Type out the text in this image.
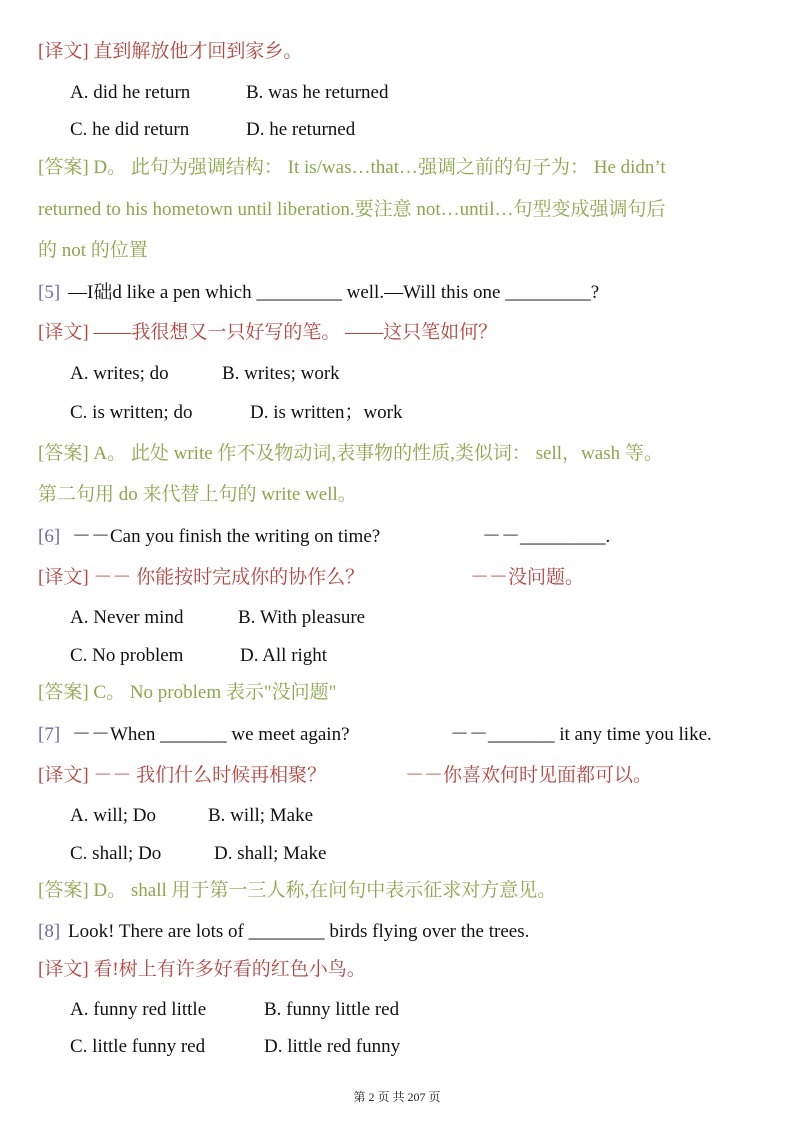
[译文] 直到解放他才回到家乡。
A. did he return	B. was he returned
C. he did return	D. he returned
[答案] D。 此句为强调结构： It is/was…that…强调之前的句子为： He didn’t
returned to his hometown until liberation.要注意 not…until…句型变成强调句后
的 not 的位置
[5] —I础d like a pen which _________ well.—Will this one _________?
[译文] ——我很想又一只好写的笔。 ——这只笔如何？
A. writes; do	B. writes; work
C. is written; do	D. is written；work
[答案] A。 此处 write 作不及物动词,表事物的性质,类似词： sell，wash 等。
第二句用 do 来代替上句的 write well。
[6] －－Can you finish the writing on time?	－－_________.
[译文] －－ 你能按时完成你的协作么？	－－没问题。
A. Never mind	B. With pleasure
C. No problem	D. All right
[答案] C。 No problem 表示"没问题"
[7] －－When _______ we meet again?	－－_______ it any time you like.
[译文] －－ 我们什么时候再相聚？	－－你喜欢何时见面都可以。
A. will; Do	B. will; Make
C. shall; Do	D. shall; Make
[答案] D。 shall 用于第一三人称,在问句中表示征求对方意见。
[8] Look! There are lots of ________ birds flying over the trees.
[译文] 看!树上有许多好看的红色小鸟。
A. funny red little	B. funny little red
C. little funny red	D. little red funny
第 2 页 共 207 页
